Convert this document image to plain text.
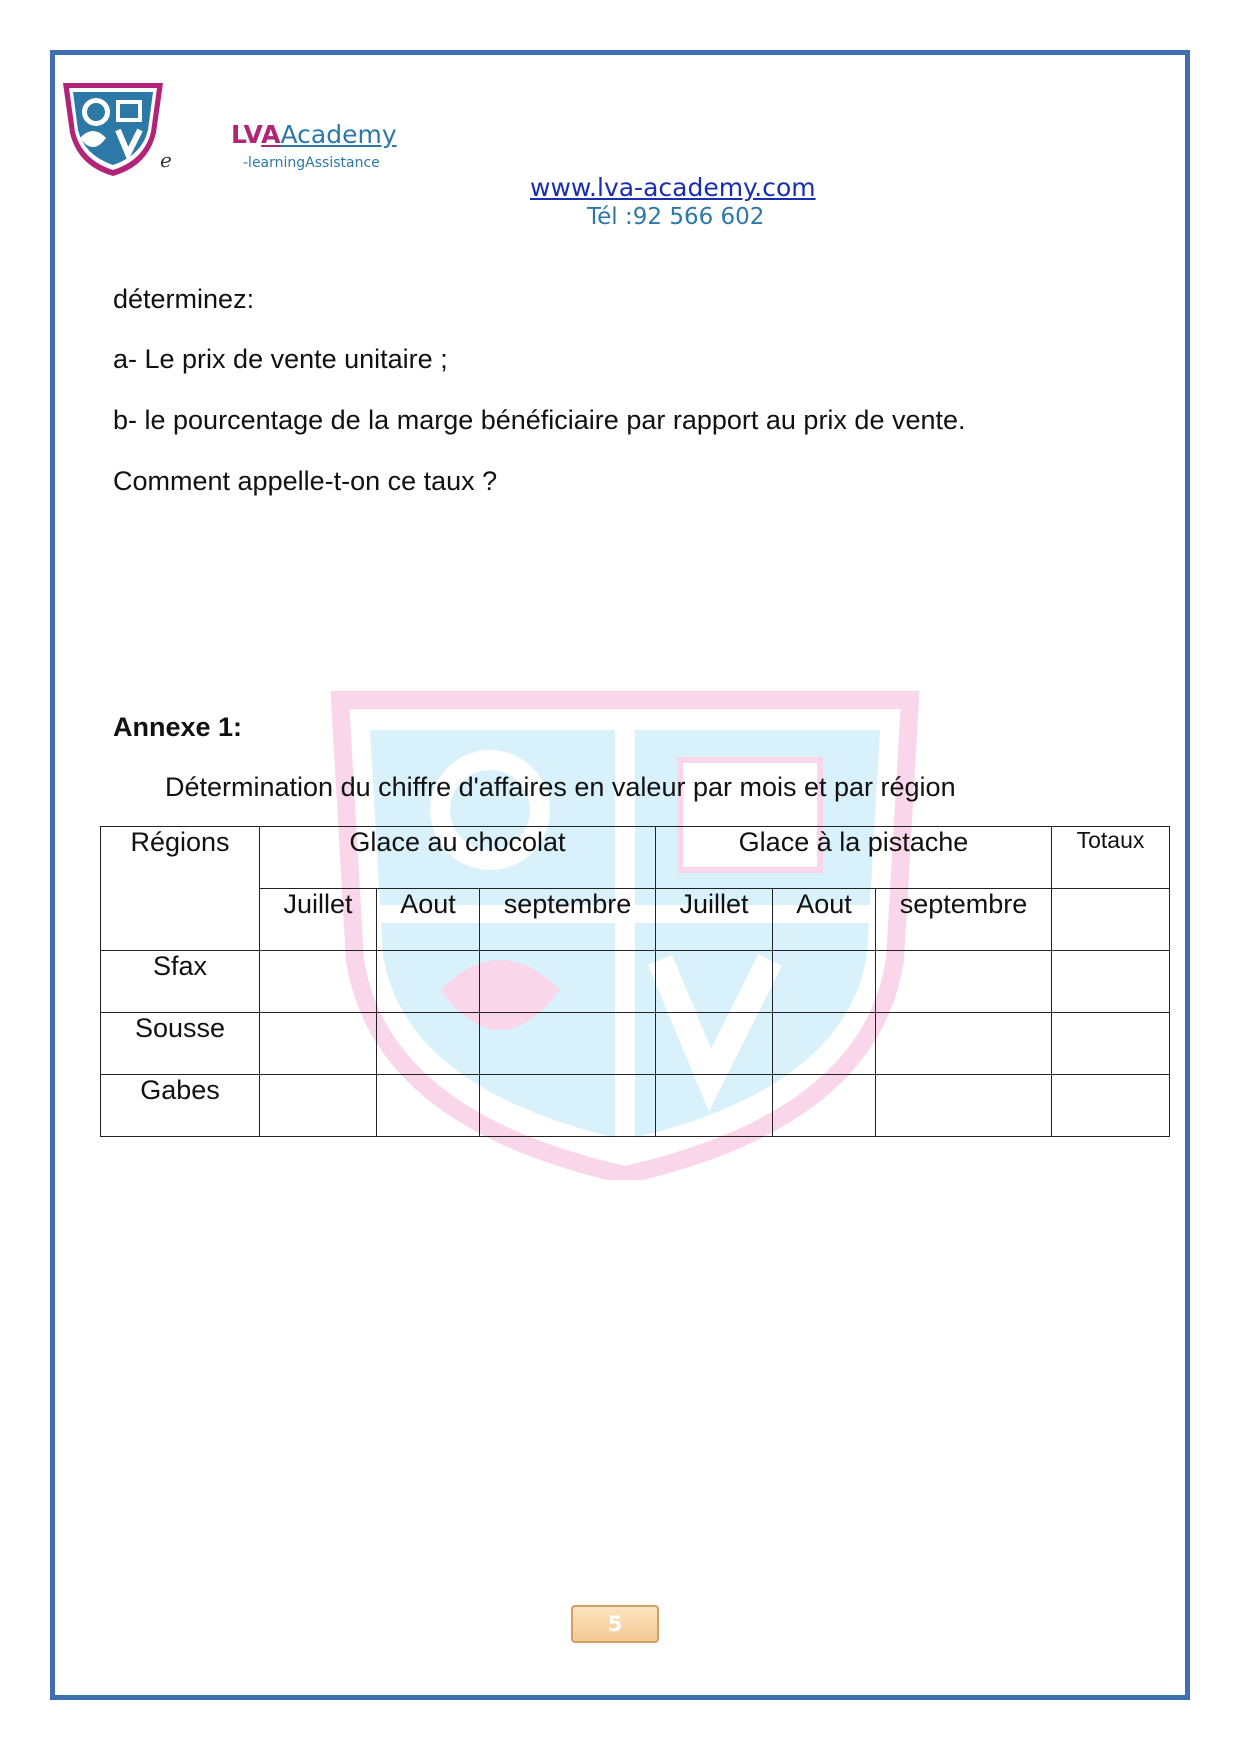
e
LVAAcademy
-learningAssistance
www.lva-academy.com
Tél :92 566 602
déterminez:
a- Le prix de vente unitaire ;
b- le pourcentage de la marge bénéficiaire par rapport au prix de vente.
Comment appelle-t-on ce taux ?
Annexe 1:
Détermination du chiffre d'affaires en valeur par mois et par région
Régions	Glace au chocolat			Glace à la pistache			Totaux
	Juillet	Aout	septembre	Juillet	Aout	septembre	
Sfax							
Sousse							
Gabes							
5
